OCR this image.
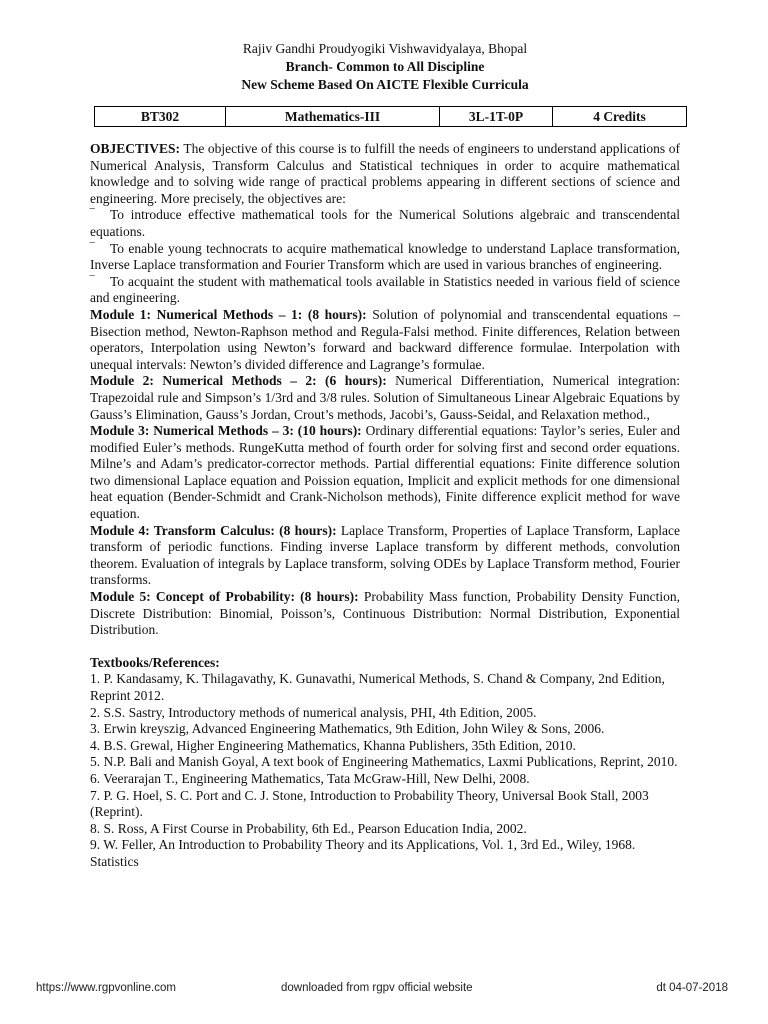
Rajiv Gandhi Proudyogiki Vishwavidyalaya, Bhopal
Branch- Common to All Discipline
New Scheme Based On AICTE Flexible Curricula
BT302	Mathematics-III	3L-1T-0P	4 Credits

OBJECTIVES: The objective of this course is to fulfill the needs of engineers to understand applications of Numerical Analysis, Transform Calculus and Statistical techniques in order to acquire mathematical knowledge and to solving wide range of practical problems appearing in different sections of science and engineering. More precisely, the objectives are:

‾ To introduce effective mathematical tools for the Numerical Solutions algebraic and transcendental equations.

‾ To enable young technocrats to acquire mathematical knowledge to understand Laplace transformation, Inverse Laplace transformation and Fourier Transform which are used in various branches of engineering.

‾ To acquaint the student with mathematical tools available in Statistics needed in various field of science and engineering.

Module 1: Numerical Methods – 1: (8 hours): Solution of polynomial and transcendental equations – Bisection method, Newton-Raphson method and Regula-Falsi method. Finite differences, Relation between operators, Interpolation using Newton’s forward and backward difference formulae. Interpolation with unequal intervals: Newton’s divided difference and Lagrange’s formulae.

Module 2: Numerical Methods – 2: (6 hours): Numerical Differentiation, Numerical integration: Trapezoidal rule and Simpson’s 1/3rd and 3/8 rules. Solution of Simultaneous Linear Algebraic Equations by Gauss’s Elimination, Gauss’s Jordan, Crout’s methods, Jacobi’s, Gauss-Seidal, and Relaxation method.,

Module 3: Numerical Methods – 3: (10 hours): Ordinary differential equations: Taylor’s series, Euler and modified Euler’s methods. RungeKutta method of fourth order for solving first and second order equations. Milne’s and Adam’s predicator-corrector methods. Partial differential equations: Finite difference solution two dimensional Laplace equation and Poission equation, Implicit and explicit methods for one dimensional heat equation (Bender-Schmidt and Crank-Nicholson methods), Finite difference explicit method for wave equation.

Module 4: Transform Calculus: (8 hours): Laplace Transform, Properties of Laplace Transform, Laplace transform of periodic functions. Finding inverse Laplace transform by different methods, convolution theorem. Evaluation of integrals by Laplace transform, solving ODEs by Laplace Transform method, Fourier transforms.

Module 5: Concept of Probability: (8 hours): Probability Mass function, Probability Density Function, Discrete Distribution: Binomial, Poisson’s, Continuous Distribution: Normal Distribution, Exponential Distribution.

Textbooks/References:

1. P. Kandasamy, K. Thilagavathy, K. Gunavathi, Numerical Methods, S. Chand & Company, 2nd Edition, Reprint 2012.

2. S.S. Sastry, Introductory methods of numerical analysis, PHI, 4th Edition, 2005.

3. Erwin kreyszig, Advanced Engineering Mathematics, 9th Edition, John Wiley & Sons, 2006.

4. B.S. Grewal, Higher Engineering Mathematics, Khanna Publishers, 35th Edition, 2010.

5. N.P. Bali and Manish Goyal, A text book of Engineering Mathematics, Laxmi Publications, Reprint, 2010.

6. Veerarajan T., Engineering Mathematics, Tata McGraw-Hill, New Delhi, 2008.

7. P. G. Hoel, S. C. Port and C. J. Stone, Introduction to Probability Theory, Universal Book Stall, 2003 (Reprint).

8. S. Ross, A First Course in Probability, 6th Ed., Pearson Education India, 2002.

9. W. Feller, An Introduction to Probability Theory and its Applications, Vol. 1, 3rd Ed., Wiley, 1968. Statistics

https://www.rgpvonline.com	downloaded from rgpv official website	dt 04-07-2018
